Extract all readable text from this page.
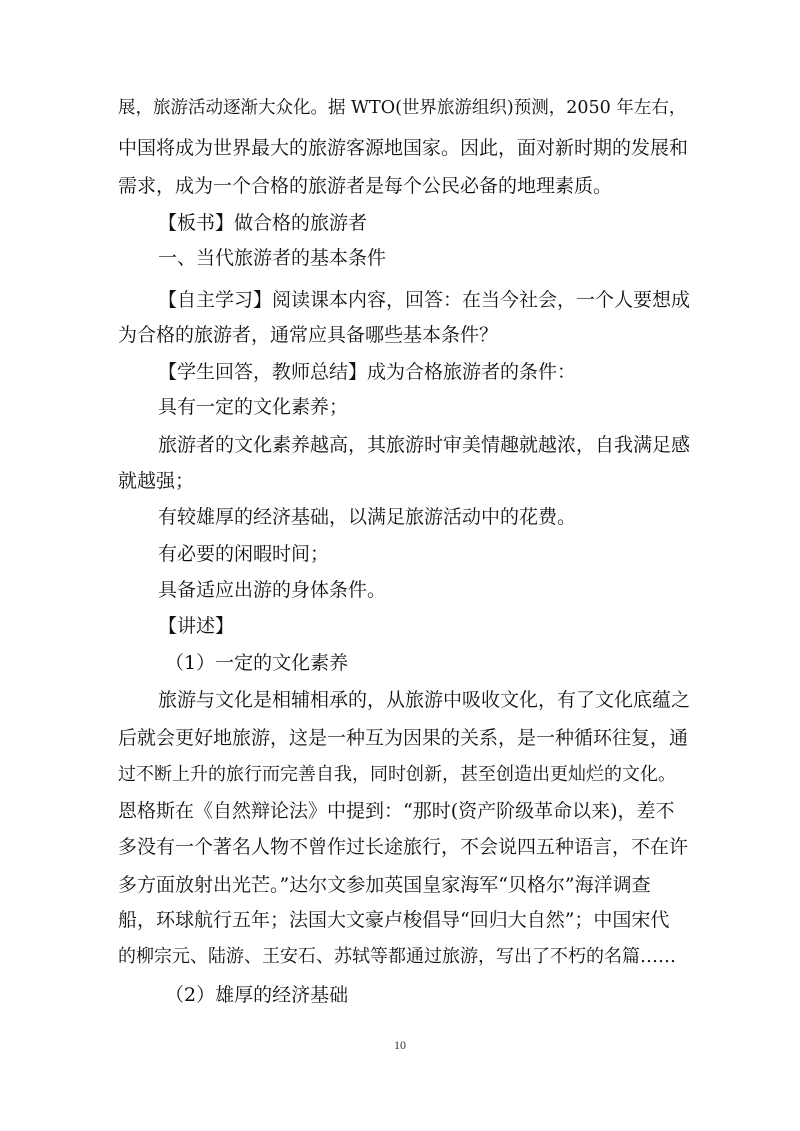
展，旅游活动逐渐大众化。据 WTO(世界旅游组织)预测，2050 年左右，
中国将成为世界最大的旅游客源地国家。因此，面对新时期的发展和
需求，成为一个合格的旅游者是每个公民必备的地理素质。
【板书】做合格的旅游者
一、当代旅游者的基本条件
【自主学习】阅读课本内容，回答：在当今社会，一个人要想成
为合格的旅游者，通常应具备哪些基本条件？
【学生回答，教师总结】成为合格旅游者的条件：
具有一定的文化素养；
旅游者的文化素养越高，其旅游时审美情趣就越浓，自我满足感
就越强；
有较雄厚的经济基础，以满足旅游活动中的花费。
有必要的闲暇时间；
具备适应出游的身体条件。
【讲述】
（1）一定的文化素养
旅游与文化是相辅相承的，从旅游中吸收文化，有了文化底蕴之
后就会更好地旅游，这是一种互为因果的关系，是一种循环往复，通
过不断上升的旅行而完善自我，同时创新，甚至创造出更灿烂的文化。
恩格斯在《自然辩论法》中提到：“那时(资产阶级革命以来)，差不
多没有一个著名人物不曾作过长途旅行，不会说四五种语言，不在许
多方面放射出光芒。”达尔文参加英国皇家海军“贝格尔”海洋调查
船，环球航行五年；法国大文豪卢梭倡导“回归大自然”；中国宋代
的柳宗元、陆游、王安石、苏轼等都通过旅游，写出了不朽的名篇……
（2）雄厚的经济基础
10
